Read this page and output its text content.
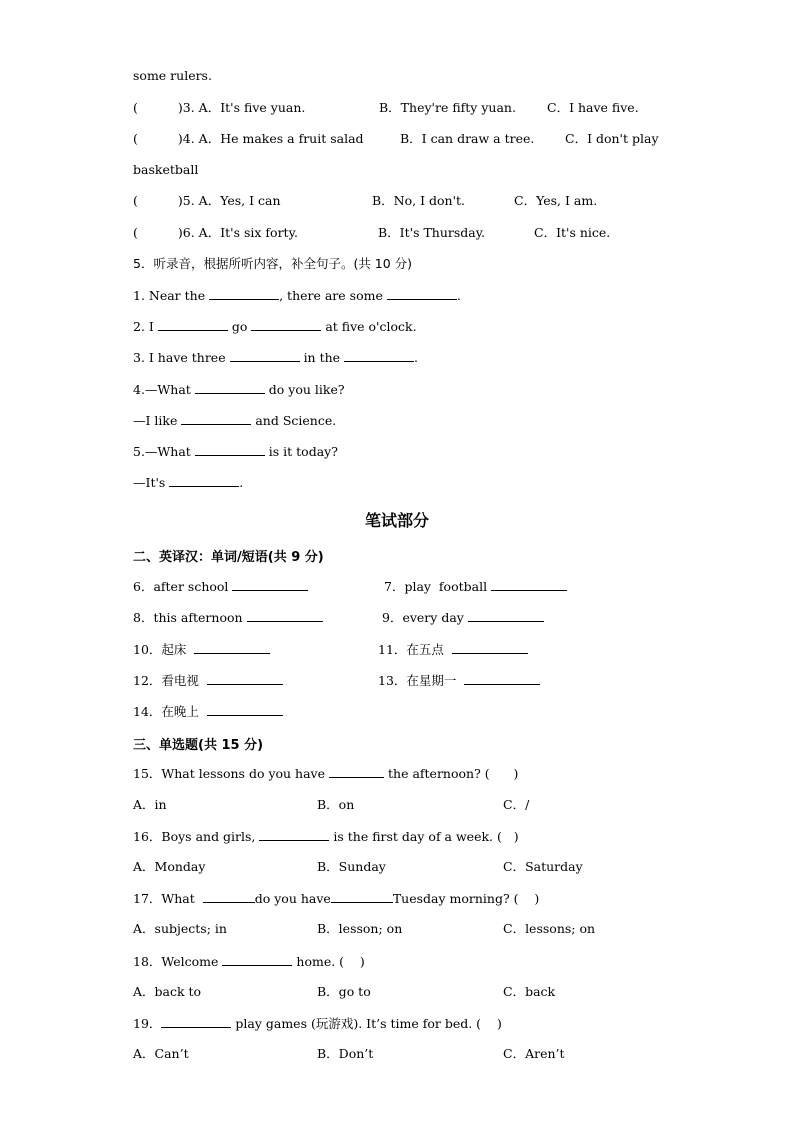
some rulers.
(	)3. A．It's five yuan.	B．They're fifty yuan. C．I have five.
(	)4. A．He makes a fruit salad	B．I can draw a tree. C．I don't play
basketball
(	)5. A．Yes, I can	B．No, I don't.	C．Yes, I am.
(	)6. A．It's six forty.	B．It's Thursday.	C．It's nice.
5．听录音，根据所听内容，补全句子。(共 10 分)
1. Near the	, there are some	.
2. I	go	at five o'clock.
3. I have three	in the	.
4.—What	do you like?
—I like	and Science.
5.—What	is it today?
—It's	.
笔试部分
二、英译汉：单词/短语(共 9 分)
6．after school	7．play  football
8．this afternoon	9．every day
10．起床	11．在五点
12．看电视	13．在星期一
14．在晚上
三、单选题(共 15 分)
15．What lessons do you have	the afternoon? (      )
A．in	B．on	C．/
16．Boys and girls,	is the first day of a week. (   )
A．Monday	B．Sunday	C．Saturday
17．What	do you have	Tuesday morning? (    )
A．subjects; in	B．lesson; on	C．lessons; on
18．Welcome	home. (    )
A．back to	B．go to	C．back
19．	play games (玩游戏). It’s time for bed. (    )
A．Can’t	B．Don’t	C．Aren’t
